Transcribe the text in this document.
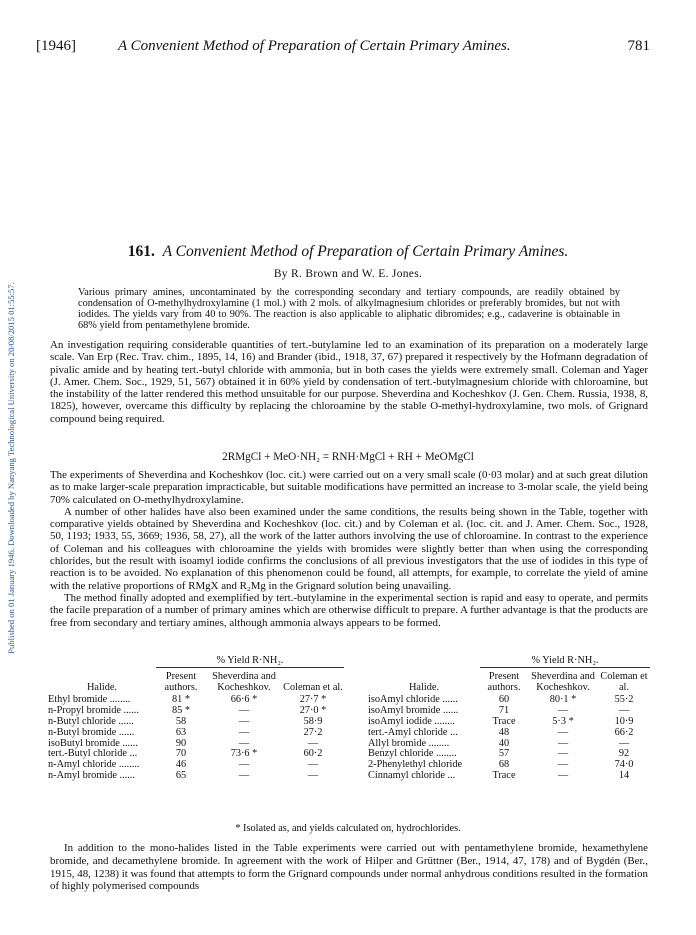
Published on 01 January 1946. Downloaded by Nanyang Technological University on 20/08/2015 01:55:57.
[1946]	A Convenient Method of Preparation of Certain Primary Amines.	781
161. A Convenient Method of Preparation of Certain Primary Amines.
By R. Brown and W. E. Jones.
Various primary amines, uncontaminated by the corresponding secondary and tertiary compounds, are readily obtained by condensation of O-methylhydroxylamine (1 mol.) with 2 mols. of alkylmagnesium chlorides or preferably bromides, but not with iodides. The yields vary from 40 to 90%. The reaction is also applicable to aliphatic dibromides; e.g., cadaverine is obtainable in 68% yield from pentamethylene bromide.

An investigation requiring considerable quantities of tert.-butylamine led to an examination of its preparation on a moderately large scale. Van Erp (Rec. Trav. chim., 1895, 14, 16) and Brander (ibid., 1918, 37, 67) prepared it respectively by the Hofmann degradation of pivalic amide and by heating tert.-butyl chloride with ammonia, but in both cases the yields were extremely small. Coleman and Yager (J. Amer. Chem. Soc., 1929, 51, 567) obtained it in 60% yield by condensation of tert.-butylmagnesium chloride with chloroamine, but the instability of the latter rendered this method unsuitable for our purpose. Sheverdina and Kocheshkov (J. Gen. Chem. Russia, 1938, 8, 1825), however, overcame this difficulty by replacing the chloroamine by the stable O-methyl-hydroxylamine, two mols. of Grignard compound being required.

2RMgCl + MeO·NH₂ = RNH·MgCl + RH + MeOMgCl

The experiments of Sheverdina and Kocheshkov (loc. cit.) were carried out on a very small scale (0·03 molar) and at such great dilution as to make larger-scale preparation impracticable, but suitable modifications have permitted an increase to 3-molar scale, the yield being 70% calculated on O-methylhydroxylamine.

A number of other halides have also been examined under the same conditions, the results being shown in the Table, together with comparative yields obtained by Sheverdina and Kocheshkov (loc. cit.) and by Coleman et al. (loc. cit. and J. Amer. Chem. Soc., 1928, 50, 1193; 1933, 55, 3669; 1936, 58, 27), all the work of the latter authors involving the use of chloroamine. In contrast to the experience of Coleman and his colleagues with chloroamine the yields with bromides were slightly better than when using the corresponding chlorides, but the result with isoamyl iodide confirms the conclusions of all previous investigators that the use of iodides in this type of reaction is to be avoided. No explanation of this phenomenon could be found, all attempts, for example, to correlate the yield of amine with the relative proportions of RMgX and R₂Mg in the Grignard solution being unavailing.

The method finally adopted and exemplified by tert.-butylamine in the experimental section is rapid and easy to operate, and permits the facile preparation of a number of primary amines which are otherwise difficult to prepare. A further advantage is that the products are free from secondary and tertiary amines, although ammonia always appears to be formed.

	% Yield R·NH₂.		

Halide.	Present authors.	Sheverdina and Kocheshkov.	Coleman et al.
Ethyl bromide ........	81 *	66·6 *	27·7 *
n-Propyl bromide ......	85 *	—	27·0 *
n-Butyl chloride ......	58	—	58·9
n-Butyl bromide ......	63	—	27·2
isoButyl bromide ......	90	—	—
tert.-Butyl chloride ...	70	73·6 *	60·2
n-Amyl chloride ........	46	—	—
n-Amyl bromide ......	65	—	—
	% Yield R·NH₂.		

Halide.	Present authors.	Sheverdina and Kocheshkov.	Coleman et al.
isoAmyl chloride ......	60	80·1 *	55·2
isoAmyl bromide ......	71	—	—
isoAmyl iodide ........	Trace	5·3 *	10·9
tert.-Amyl chloride ...	48	—	66·2
Allyl bromide ........	40	—	—
Benzyl chloride ........	57	—	92
2-Phenylethyl chloride	68	—	74·0
Cinnamyl chloride ...	Trace	—	14
* Isolated as, and yields calculated on, hydrochlorides.

In addition to the mono-halides listed in the Table experiments were carried out with pentamethylene bromide, hexamethylene bromide, and decamethylene bromide. In agreement with the work of Hilper and Grüttner (Ber., 1914, 47, 178) and of Bygdén (Ber., 1915, 48, 1238) it was found that attempts to form the Grignard compounds under normal anhydrous conditions resulted in the formation of highly polymerised compounds
